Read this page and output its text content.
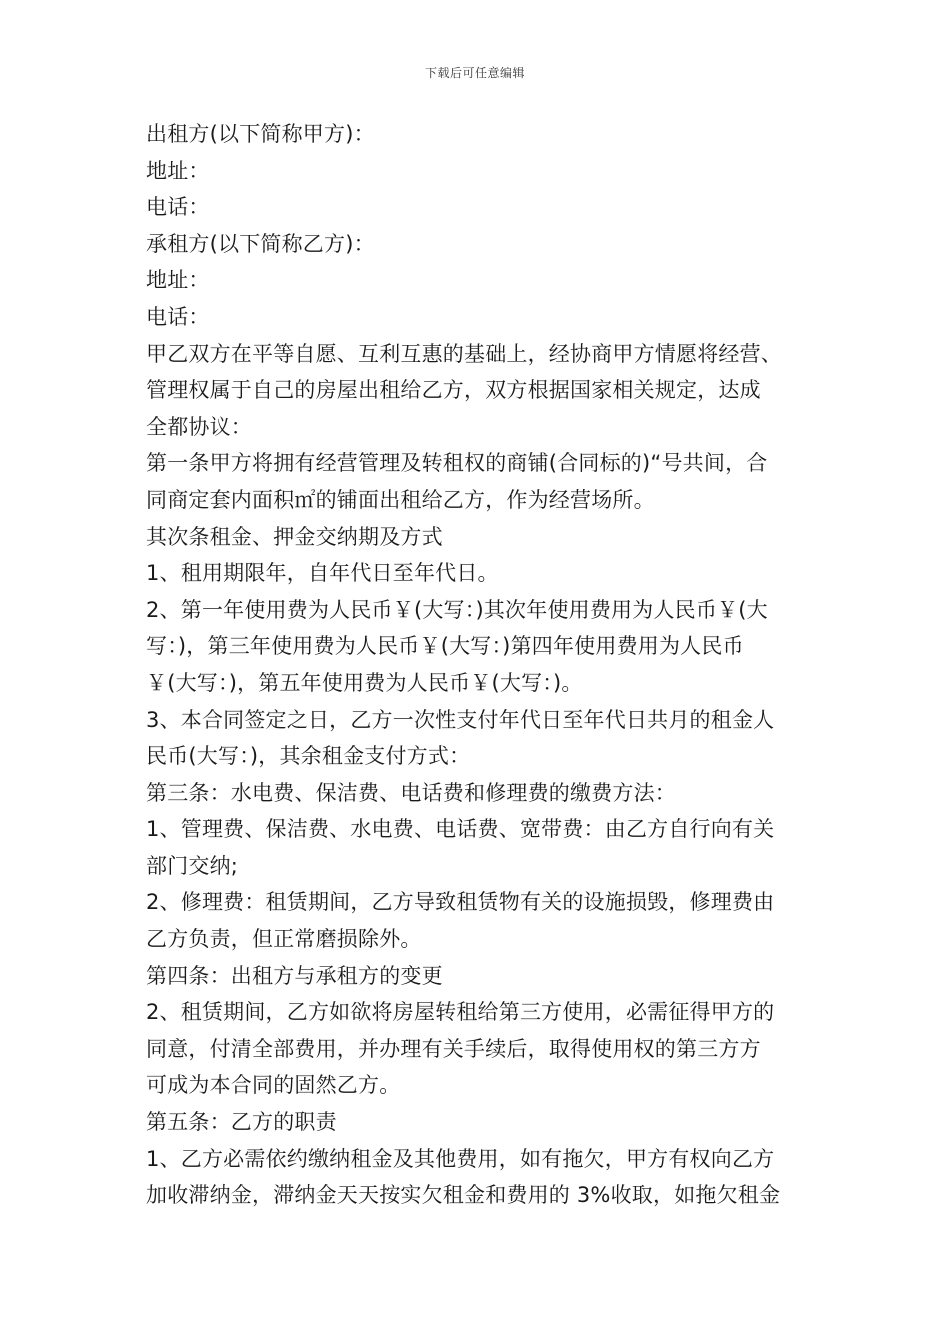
下载后可任意编辑
出租方(以下简称甲方)：
地址：
电话：
承租方(以下简称乙方)：
地址：
电话：
甲乙双方在平等自愿、互利互惠的基础上，经协商甲方情愿将经营、
管理权属于自己的房屋出租给乙方，双方根据国家相关规定，达成
全都协议：
第一条甲方将拥有经营管理及转租权的商铺(合同标的)“号共间，合
同商定套内面积㎡的铺面出租给乙方，作为经营场所。
其次条租金、押金交纳期及方式
1、租用期限年，自年代日至年代日。
2、第一年使用费为人民币￥(大写：)其次年使用费用为人民币￥(大
写：)，第三年使用费为人民币￥(大写：)第四年使用费用为人民币
￥(大写：)，第五年使用费为人民币￥(大写：)。
3、本合同签定之日，乙方一次性支付年代日至年代日共月的租金人
民币(大写：)，其余租金支付方式：
第三条：水电费、保洁费、电话费和修理费的缴费方法：
1、管理费、保洁费、水电费、电话费、宽带费：由乙方自行向有关
部门交纳;
2、修理费：租赁期间，乙方导致租赁物有关的设施损毁，修理费由
乙方负责，但正常磨损除外。
第四条：出租方与承租方的变更
2、租赁期间，乙方如欲将房屋转租给第三方使用，必需征得甲方的
同意，付清全部费用，并办理有关手续后，取得使用权的第三方方
可成为本合同的固然乙方。
第五条：乙方的职责
1、乙方必需依约缴纳租金及其他费用，如有拖欠，甲方有权向乙方
加收滞纳金，滞纳金天天按实欠租金和费用的 3%收取，如拖欠租金
